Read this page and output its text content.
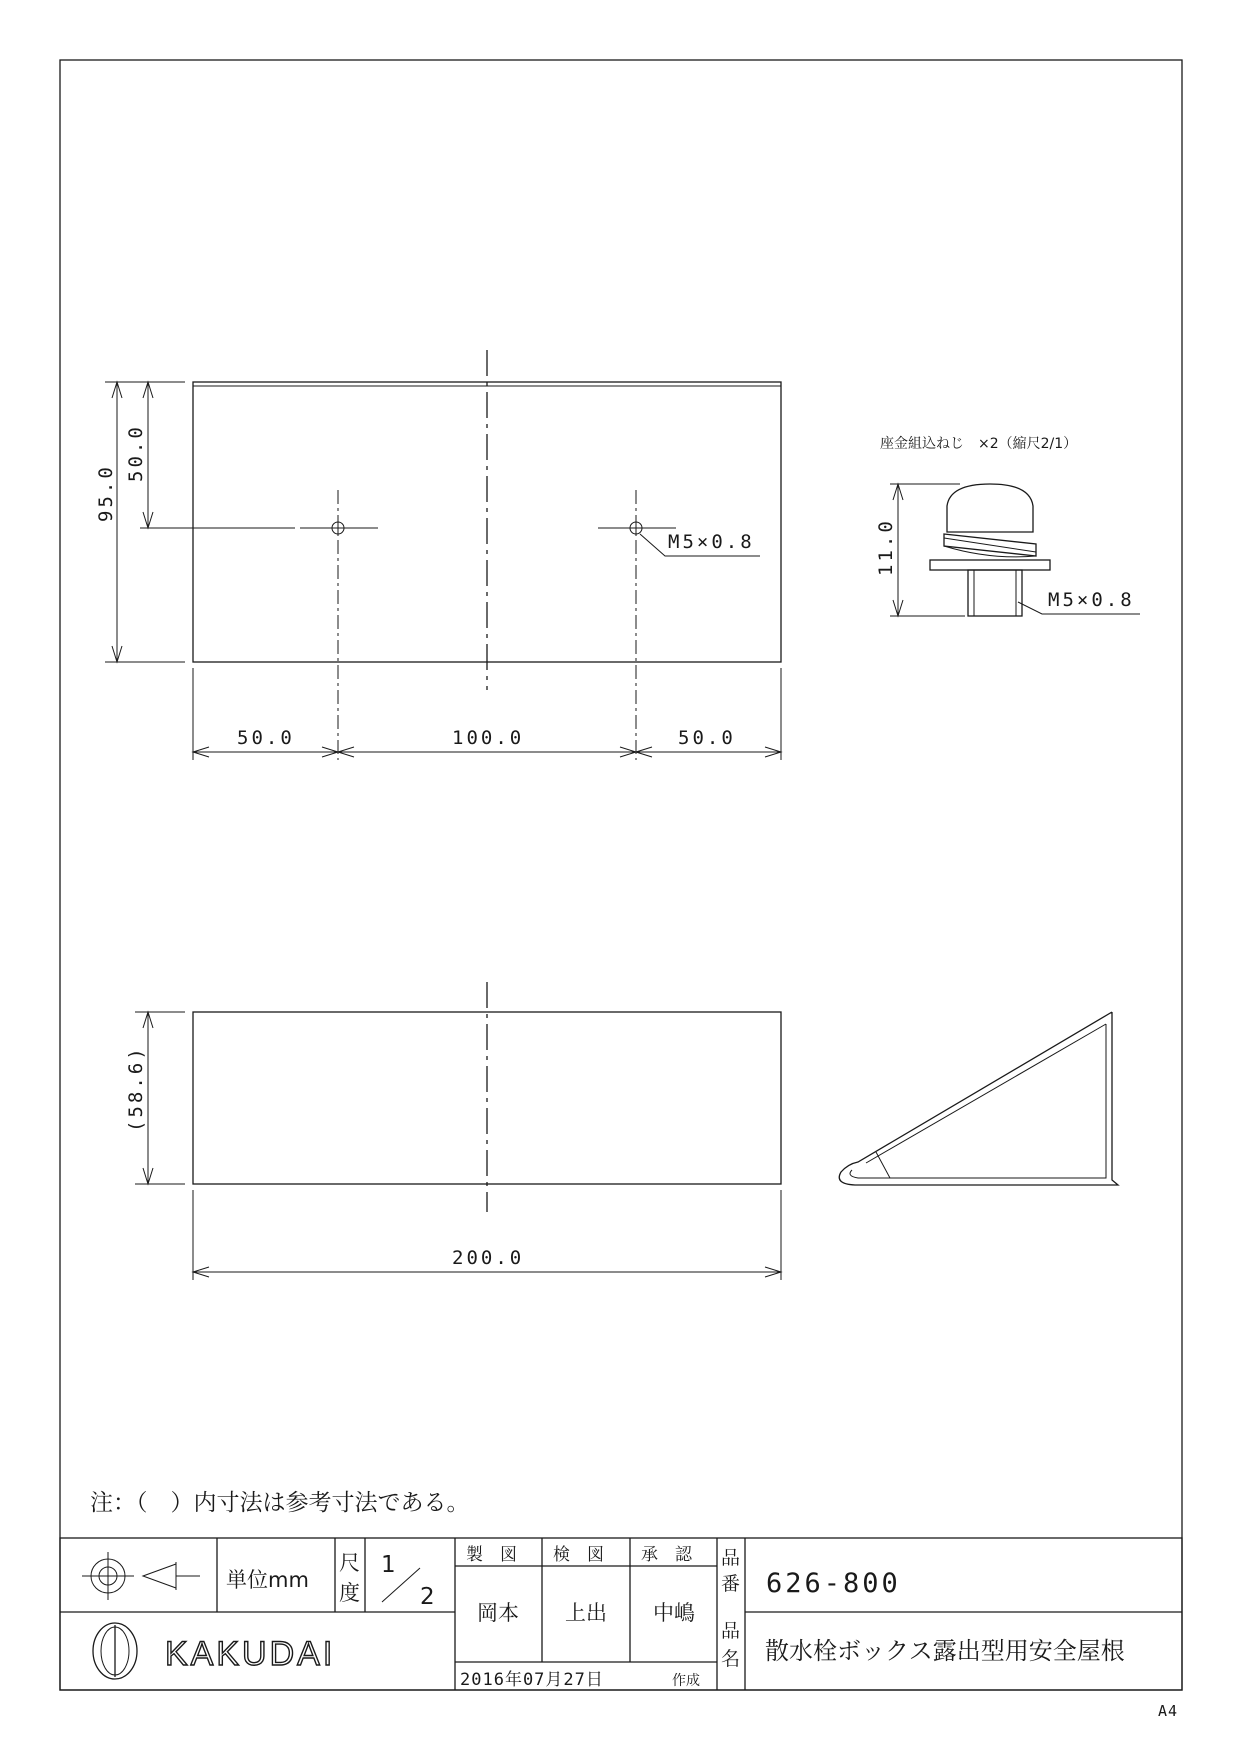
M5×0.8
95.0
50.0
50.0	100.0	50.0
座金組込ねじ　×2（縮尺2/1）
11.0
M5×0.8
(58.6)
200.0
注：（　）内寸法は参考寸法である。
単位mm
尺
度
1
2
製　図 検　図 承　認
岡本 上出 中嶋
品
番 626-800
品
名 散水栓ボックス露出型用安全屋根
2016年07月27日	作成
KAKUDAI
A4
